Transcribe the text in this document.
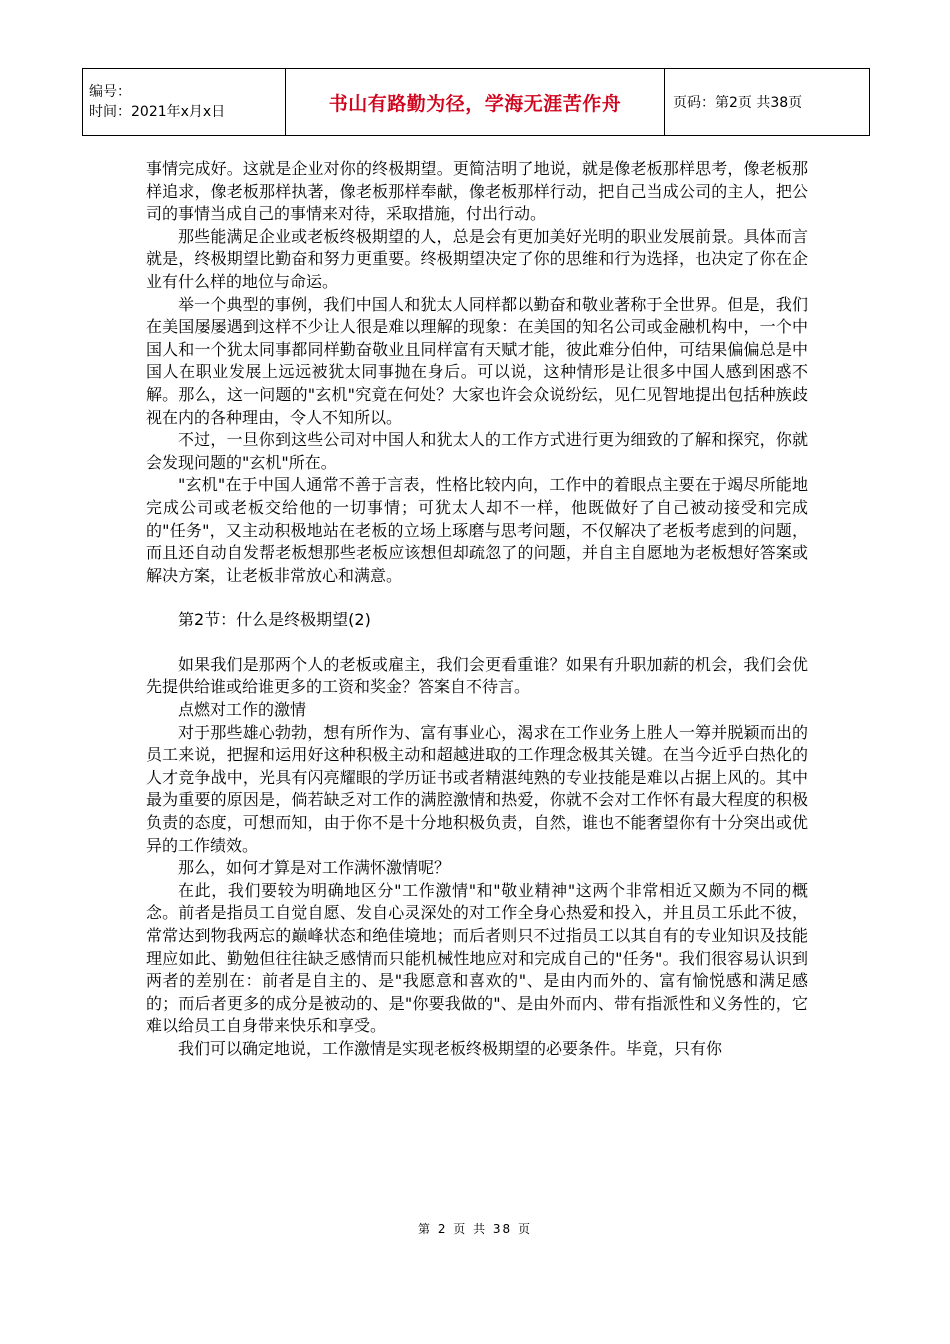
编号：
时间：2021年x月x日	书山有路勤为径，学海无涯苦作舟	页码：第2页 共38页

事情完成好。这就是企业对你的终极期望。更简洁明了地说，就是像老板那样思考，像老板那样追求，像老板那样执著，像老板那样奉献，像老板那样行动，把自己当成公司的主人，把公司的事情当成自己的事情来对待，采取措施，付出行动。

那些能满足企业或老板终极期望的人，总是会有更加美好光明的职业发展前景。具体而言就是，终极期望比勤奋和努力更重要。终极期望决定了你的思维和行为选择，也决定了你在企业有什么样的地位与命运。

举一个典型的事例，我们中国人和犹太人同样都以勤奋和敬业著称于全世界。但是，我们在美国屡屡遇到这样不少让人很是难以理解的现象：在美国的知名公司或金融机构中，一个中国人和一个犹太同事都同样勤奋敬业且同样富有天赋才能，彼此难分伯仲，可结果偏偏总是中国人在职业发展上远远被犹太同事抛在身后。可以说，这种情形是让很多中国人感到困惑不解。那么，这一问题的"玄机"究竟在何处？大家也许会众说纷纭，见仁见智地提出包括种族歧视在内的各种理由，令人不知所以。

不过，一旦你到这些公司对中国人和犹太人的工作方式进行更为细致的了解和探究，你就会发现问题的"玄机"所在。

"玄机"在于中国人通常不善于言表，性格比较内向，工作中的着眼点主要在于竭尽所能地完成公司或老板交给他的一切事情；可犹太人却不一样，他既做好了自己被动接受和完成的"任务"，又主动积极地站在老板的立场上琢磨与思考问题，不仅解决了老板考虑到的问题，而且还自动自发帮老板想那些老板应该想但却疏忽了的问题，并自主自愿地为老板想好答案或解决方案，让老板非常放心和满意。

第2节：什么是终极期望(2)

如果我们是那两个人的老板或雇主，我们会更看重谁？如果有升职加薪的机会，我们会优先提供给谁或给谁更多的工资和奖金？答案自不待言。

点燃对工作的激情

对于那些雄心勃勃，想有所作为、富有事业心，渴求在工作业务上胜人一筹并脱颖而出的员工来说，把握和运用好这种积极主动和超越进取的工作理念极其关键。在当今近乎白热化的人才竞争战中，光具有闪亮耀眼的学历证书或者精湛纯熟的专业技能是难以占据上风的。其中最为重要的原因是，倘若缺乏对工作的满腔激情和热爱，你就不会对工作怀有最大程度的积极负责的态度，可想而知，由于你不是十分地积极负责，自然，谁也不能奢望你有十分突出或优异的工作绩效。

那么，如何才算是对工作满怀激情呢？

在此，我们要较为明确地区分"工作激情"和"敬业精神"这两个非常相近又颇为不同的概念。前者是指员工自觉自愿、发自心灵深处的对工作全身心热爱和投入，并且员工乐此不彼，常常达到物我两忘的巅峰状态和绝佳境地；而后者则只不过指员工以其自有的专业知识及技能理应如此、勤勉但往往缺乏感情而只能机械性地应对和完成自己的"任务"。我们很容易认识到两者的差别在：前者是自主的、是"我愿意和喜欢的"、是由内而外的、富有愉悦感和满足感的；而后者更多的成分是被动的、是"你要我做的"、是由外而内、带有指派性和义务性的，它难以给员工自身带来快乐和享受。

我们可以确定地说，工作激情是实现老板终极期望的必要条件。毕竟，只有你

第 2 页 共 38 页
